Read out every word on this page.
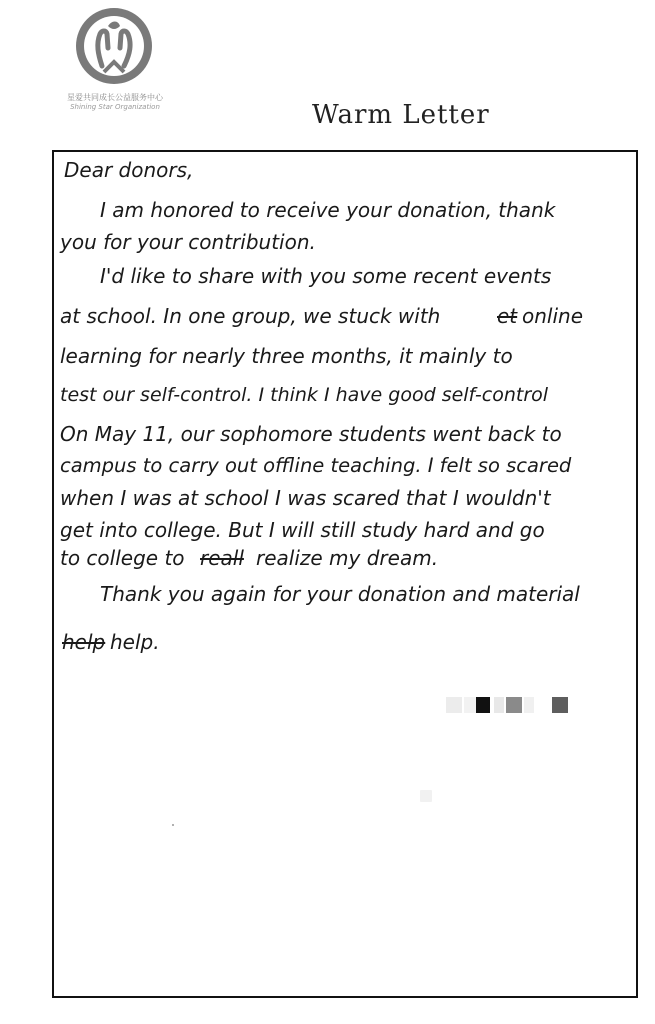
星爱共同成长公益服务中心
Shining Star Organization	Warm Letter
Dear donors,
I am honored to receive your donation, thank
you for your contribution.
I'd like to share with you some recent events
at school. In one group, we stuck with	et online
learning for nearly three months, it mainly to
test our self-control. I think I have good self-control
On May 11, our sophomore students went back to
campus to carry out offline teaching. I felt so scared
when I was at school I was scared that I wouldn't
get into college. But I will still study hard and go
to college to reall realize my dream.
Thank you again for your donation and material
help help.
